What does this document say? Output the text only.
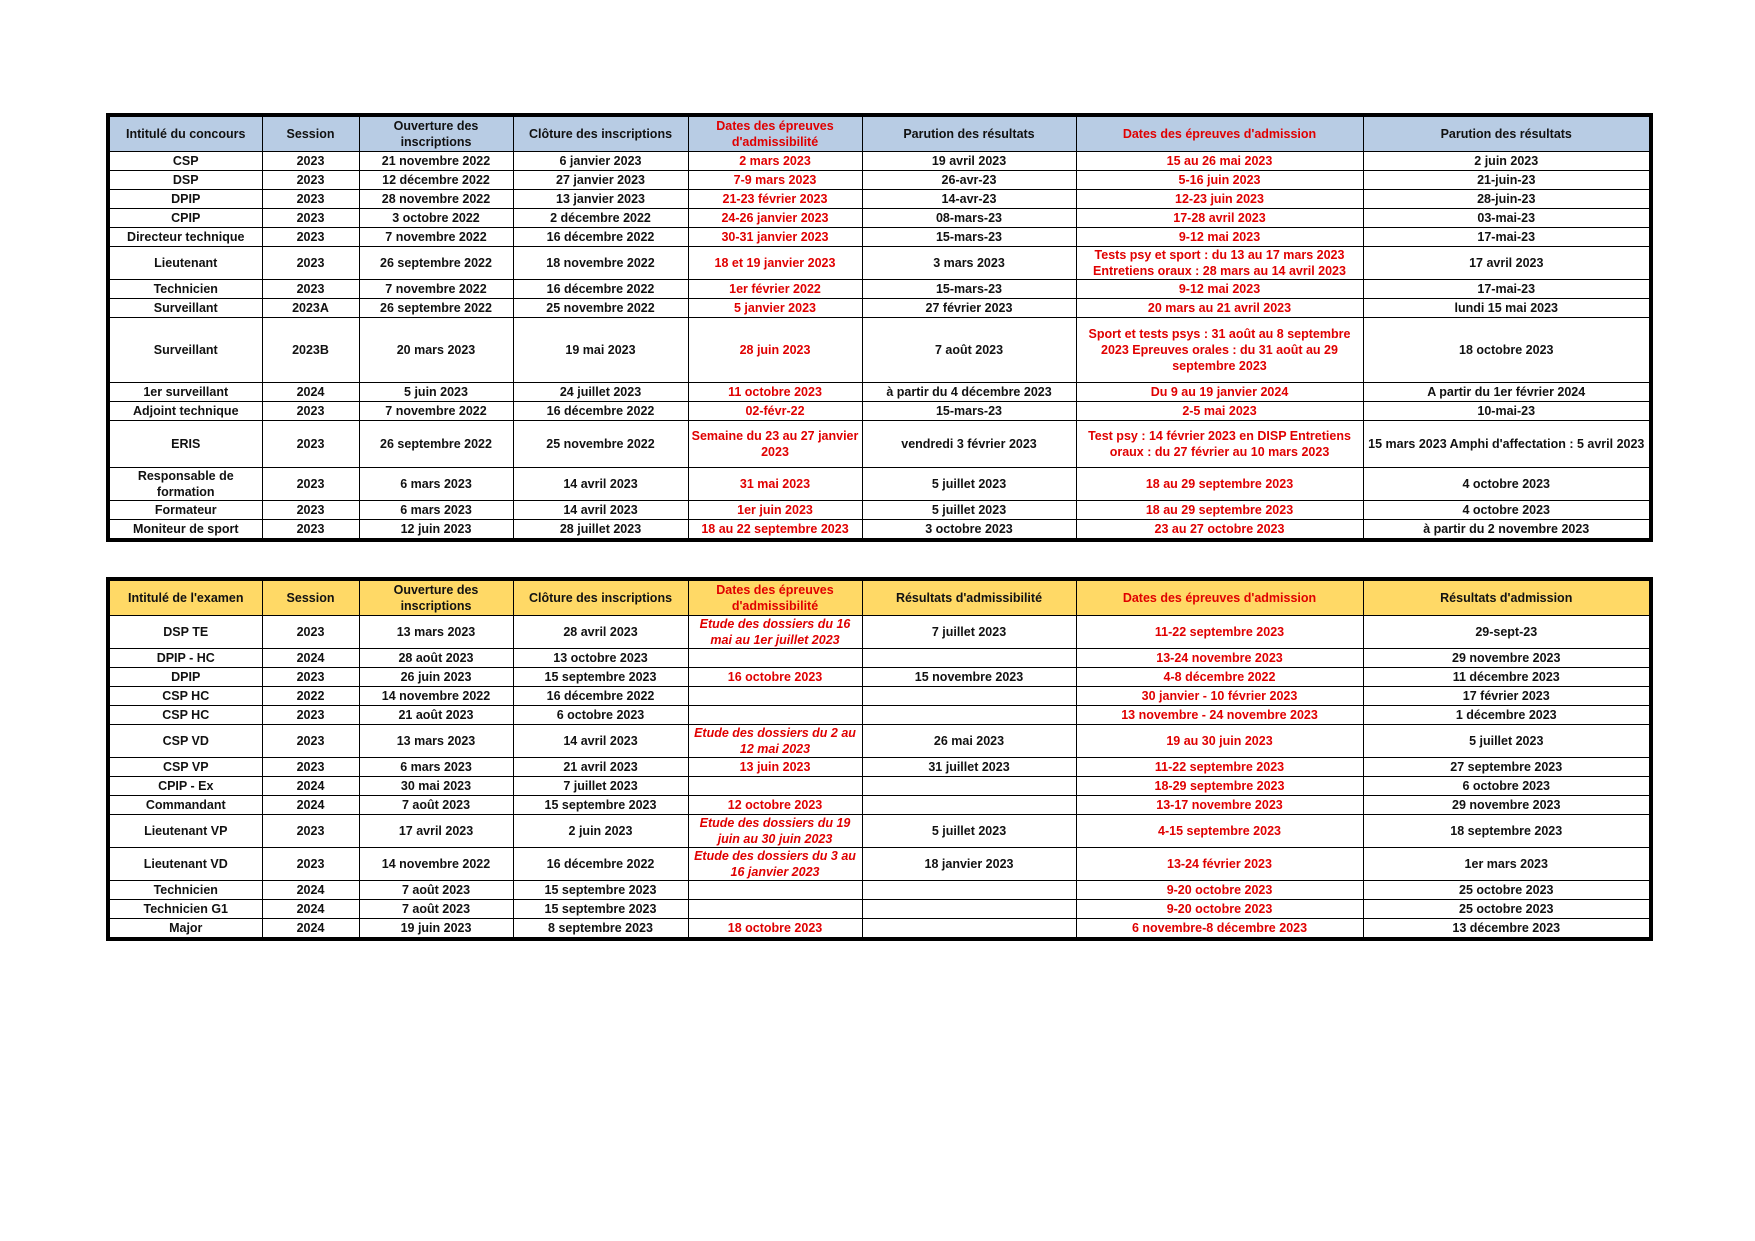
Intitulé du concours	Session	Ouverture des inscriptions	Clôture des inscriptions	Dates des épreuves d'admissibilité	Parution des résultats	Dates des épreuves d'admission	Parution des résultats
CSP	2023	21 novembre 2022	6 janvier 2023	2 mars 2023	19 avril 2023	15 au 26 mai 2023	2 juin 2023
DSP	2023	12 décembre 2022	27 janvier 2023	7-9 mars 2023	26-avr-23	5-16 juin 2023	21-juin-23
DPIP	2023	28 novembre 2022	13 janvier 2023	21-23 février 2023	14-avr-23	12-23 juin 2023	28-juin-23
CPIP	2023	3 octobre 2022	2 décembre 2022	24-26 janvier 2023	08-mars-23	17-28 avril 2023	03-mai-23
Directeur technique	2023	7 novembre 2022	16 décembre 2022	30-31 janvier 2023	15-mars-23	9-12 mai 2023	17-mai-23
Lieutenant	2023	26 septembre 2022	18 novembre 2022	18 et 19 janvier 2023	3 mars 2023	Tests psy et sport : du 13 au 17 mars 2023 Entretiens oraux : 28 mars au 14 avril 2023	17 avril 2023
Technicien	2023	7 novembre 2022	16 décembre 2022	1er février 2022	15-mars-23	9-12 mai 2023	17-mai-23
Surveillant	2023A	26 septembre 2022	25 novembre 2022	5 janvier 2023	27 février 2023	20 mars au 21 avril 2023	lundi 15 mai 2023
Surveillant	2023B	20 mars 2023	19 mai 2023	28 juin 2023	7 août 2023	Sport et tests psys : 31 août au 8 septembre 2023 Epreuves orales : du 31 août au 29 septembre 2023	18 octobre 2023
1er surveillant	2024	5 juin 2023	24 juillet 2023	11 octobre 2023	à partir du 4 décembre 2023	Du 9 au 19 janvier 2024	A partir du 1er février 2024
Adjoint technique	2023	7 novembre 2022	16 décembre 2022	02-févr-22	15-mars-23	2-5 mai 2023	10-mai-23
ERIS	2023	26 septembre 2022	25 novembre 2022	Semaine du 23 au 27 janvier 2023	vendredi 3 février 2023	Test psy : 14 février 2023 en DISP Entretiens oraux : du 27 février au 10 mars 2023	15 mars 2023 Amphi d'affectation : 5 avril 2023
Responsable de formation	2023	6 mars 2023	14 avril 2023	31 mai 2023	5 juillet 2023	18 au 29 septembre 2023	4 octobre 2023
Formateur	2023	6 mars 2023	14 avril 2023	1er juin 2023	5 juillet 2023	18 au 29 septembre 2023	4 octobre 2023
Moniteur de sport	2023	12 juin 2023	28 juillet 2023	18 au 22 septembre 2023	3 octobre 2023	23 au 27 octobre 2023	à partir du 2 novembre 2023
Intitulé de l'examen	Session	Ouverture des inscriptions	Clôture des inscriptions	Dates des épreuves d'admissibilité	Résultats d'admissibilité	Dates des épreuves d'admission	Résultats d'admission
DSP TE	2023	13 mars 2023	28 avril 2023	Etude des dossiers du 16 mai au 1er juillet 2023	7 juillet 2023	11-22 septembre 2023	29-sept-23
DPIP - HC	2024	28 août 2023	13 octobre 2023			13-24 novembre 2023	29 novembre 2023
DPIP	2023	26 juin 2023	15 septembre 2023	16 octobre 2023	15 novembre 2023	4-8 décembre 2022	11 décembre 2023
CSP HC	2022	14 novembre 2022	16 décembre 2022			30 janvier - 10 février 2023	17 février 2023
CSP HC	2023	21 août 2023	6 octobre 2023			13 novembre - 24 novembre 2023	1 décembre 2023
CSP VD	2023	13 mars 2023	14 avril 2023	Etude des dossiers du 2 au 12 mai 2023	26 mai 2023	19 au 30 juin 2023	5 juillet 2023
CSP VP	2023	6 mars 2023	21 avril 2023	13 juin 2023	31 juillet 2023	11-22 septembre 2023	27 septembre 2023
CPIP - Ex	2024	30 mai 2023	7 juillet 2023			18-29 septembre 2023	6 octobre 2023
Commandant	2024	7 août 2023	15 septembre 2023	12 octobre 2023		13-17 novembre 2023	29 novembre 2023
Lieutenant VP	2023	17 avril 2023	2 juin 2023	Etude des dossiers du 19 juin au 30 juin 2023	5 juillet 2023	4-15 septembre 2023	18 septembre 2023
Lieutenant VD	2023	14 novembre 2022	16 décembre 2022	Etude des dossiers du 3 au 16 janvier 2023	18 janvier 2023	13-24 février 2023	1er mars 2023
Technicien	2024	7 août 2023	15 septembre 2023			9-20 octobre 2023	25 octobre 2023
Technicien G1	2024	7 août 2023	15 septembre 2023			9-20 octobre 2023	25 octobre 2023
Major	2024	19 juin 2023	8 septembre 2023	18 octobre 2023		6 novembre-8 décembre 2023	13 décembre 2023
